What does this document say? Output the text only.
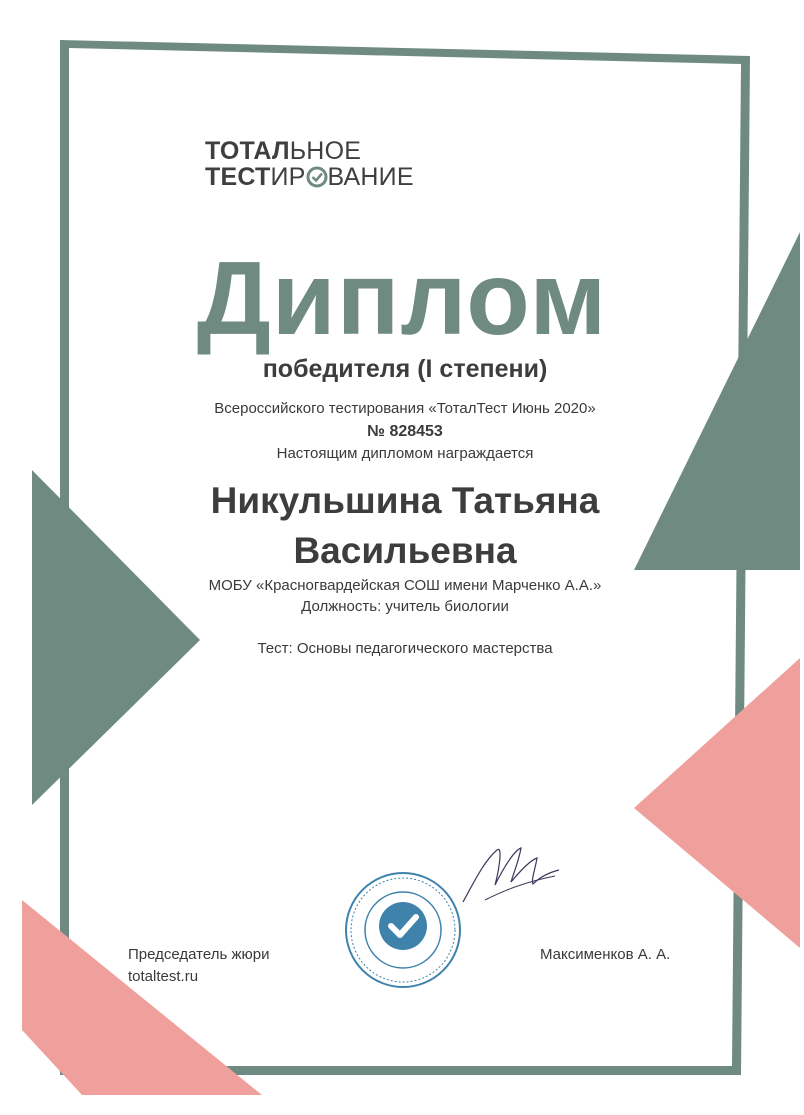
ТОТАЛЬНОЕ
ТЕСТИР ВАНИЕ
Диплом
победителя (I степени)
Всероссийского тестирования «ТоталТест Июнь 2020»
№ 828453
Настоящим дипломом награждается
Никульшина Татьяна
Васильевна
МОБУ «Красногвардейская СОШ имени Марченко А.А.»
Должность: учитель биологии
Тест: Основы педагогического мастерства
Председатель жюри
totaltest.ru
Максименков А. А.
